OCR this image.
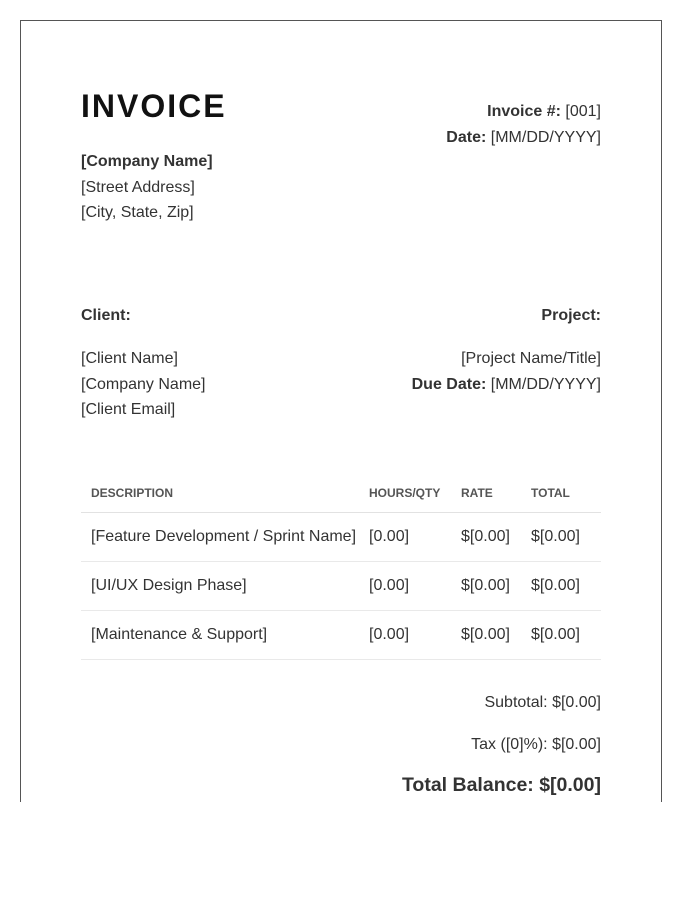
INVOICE	Invoice #: [001]
Date: [MM/DD/YYYY]
[Company Name]
[Street Address]
[City, State, Zip]
Client:
[Client Name]
[Company Name]
[Client Email]
Project:
[Project Name/Title]
Due Date: [MM/DD/YYYY]
DESCRIPTION	HOURS/QTY	RATE	TOTAL
[Feature Development / Sprint Name]	[0.00]	$[0.00]	$[0.00]
[UI/UX Design Phase]	[0.00]	$[0.00]	$[0.00]
[Maintenance & Support]	[0.00]	$[0.00]	$[0.00]
Subtotal: $[0.00]
Tax ([0]%): $[0.00]
Total Balance: $[0.00]
